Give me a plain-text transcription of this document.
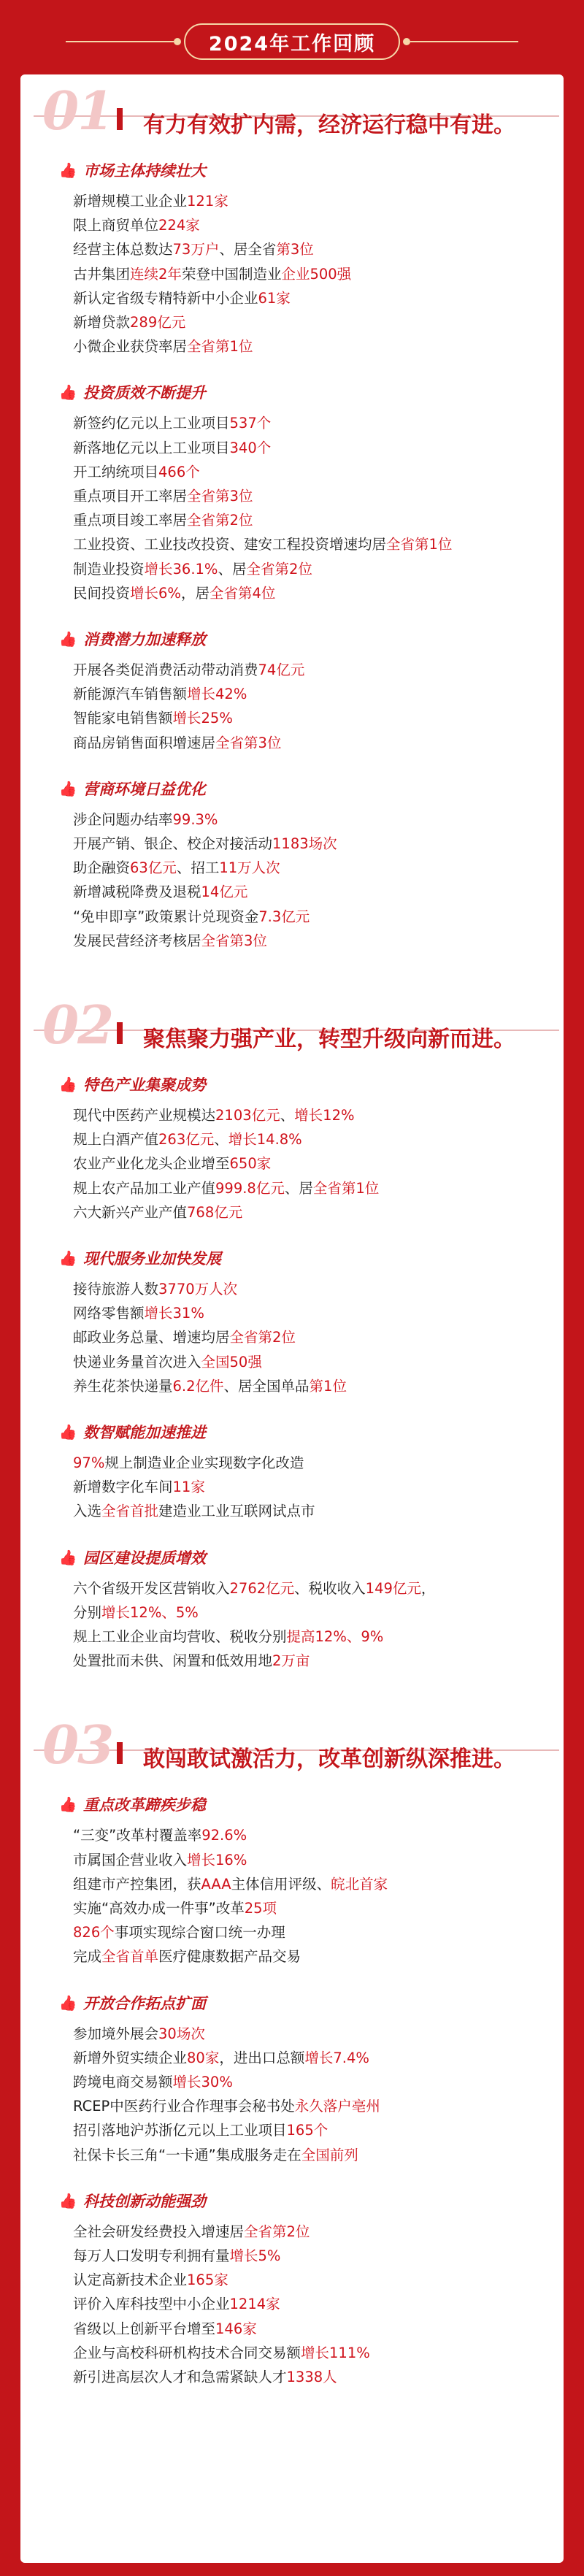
2024年工作回顾
01 有力有效扩内需，经济运行稳中有进。
👍 市场主体持续壮大
新增规模工业企业121家
限上商贸单位224家
经营主体总数达73万户、居全省第3位
古井集团连续2年荣登中国制造业企业500强
新认定省级专精特新中小企业61家
新增贷款289亿元
小微企业获贷率居全省第1位
👍 投资质效不断提升
新签约亿元以上工业项目537个
新落地亿元以上工业项目340个
开工纳统项目466个
重点项目开工率居全省第3位
重点项目竣工率居全省第2位
工业投资、工业技改投资、建安工程投资增速均居全省第1位
制造业投资增长36.1%、居全省第2位
民间投资增长6%，居全省第4位
👍 消费潜力加速释放
开展各类促消费活动带动消费74亿元
新能源汽车销售额增长42%
智能家电销售额增长25%
商品房销售面积增速居全省第3位
👍 营商环境日益优化
涉企问题办结率99.3%
开展产销、银企、校企对接活动1183场次
助企融资63亿元、招工11万人次
新增减税降费及退税14亿元
“免申即享”政策累计兑现资金7.3亿元
发展民营经济考核居全省第3位
02 聚焦聚力强产业，转型升级向新而进。
👍 特色产业集聚成势
现代中医药产业规模达2103亿元、增长12%
规上白酒产值263亿元、增长14.8%
农业产业化龙头企业增至650家
规上农产品加工业产值999.8亿元、居全省第1位
六大新兴产业产值768亿元
👍 现代服务业加快发展
接待旅游人数3770万人次
网络零售额增长31%
邮政业务总量、增速均居全省第2位
快递业务量首次进入全国50强
养生花茶快递量6.2亿件、居全国单品第1位
👍 数智赋能加速推进
97%规上制造业企业实现数字化改造
新增数字化车间11家
入选全省首批建造业工业互联网试点市
👍 园区建设提质增效
六个省级开发区营销收入2762亿元、税收收入149亿元，
分别增长12%、5%
规上工业企业亩均营收、税收分别提高12%、9%
处置批而未供、闲置和低效用地2万亩
03 敢闯敢试激活力，改革创新纵深推进。
👍 重点改革蹄疾步稳
“三变”改革村覆盖率92.6%
市属国企营业收入增长16%
组建市产控集团，获AAA主体信用评级、皖北首家
实施“高效办成一件事”改革25项
826个事项实现综合窗口统一办理
完成全省首单医疗健康数据产品交易
👍 开放合作拓点扩面
参加境外展会30场次
新增外贸实绩企业80家，进出口总额增长7.4%
跨境电商交易额增长30%
RCEP中医药行业合作理事会秘书处永久落户亳州
招引落地沪苏浙亿元以上工业项目165个
社保卡长三角“一卡通”集成服务走在全国前列
👍 科技创新动能强劲
全社会研发经费投入增速居全省第2位
每万人口发明专利拥有量增长5%
认定高新技术企业165家
评价入库科技型中小企业1214家
省级以上创新平台增至146家
企业与高校科研机构技术合同交易额增长111%
新引进高层次人才和急需紧缺人才1338人
